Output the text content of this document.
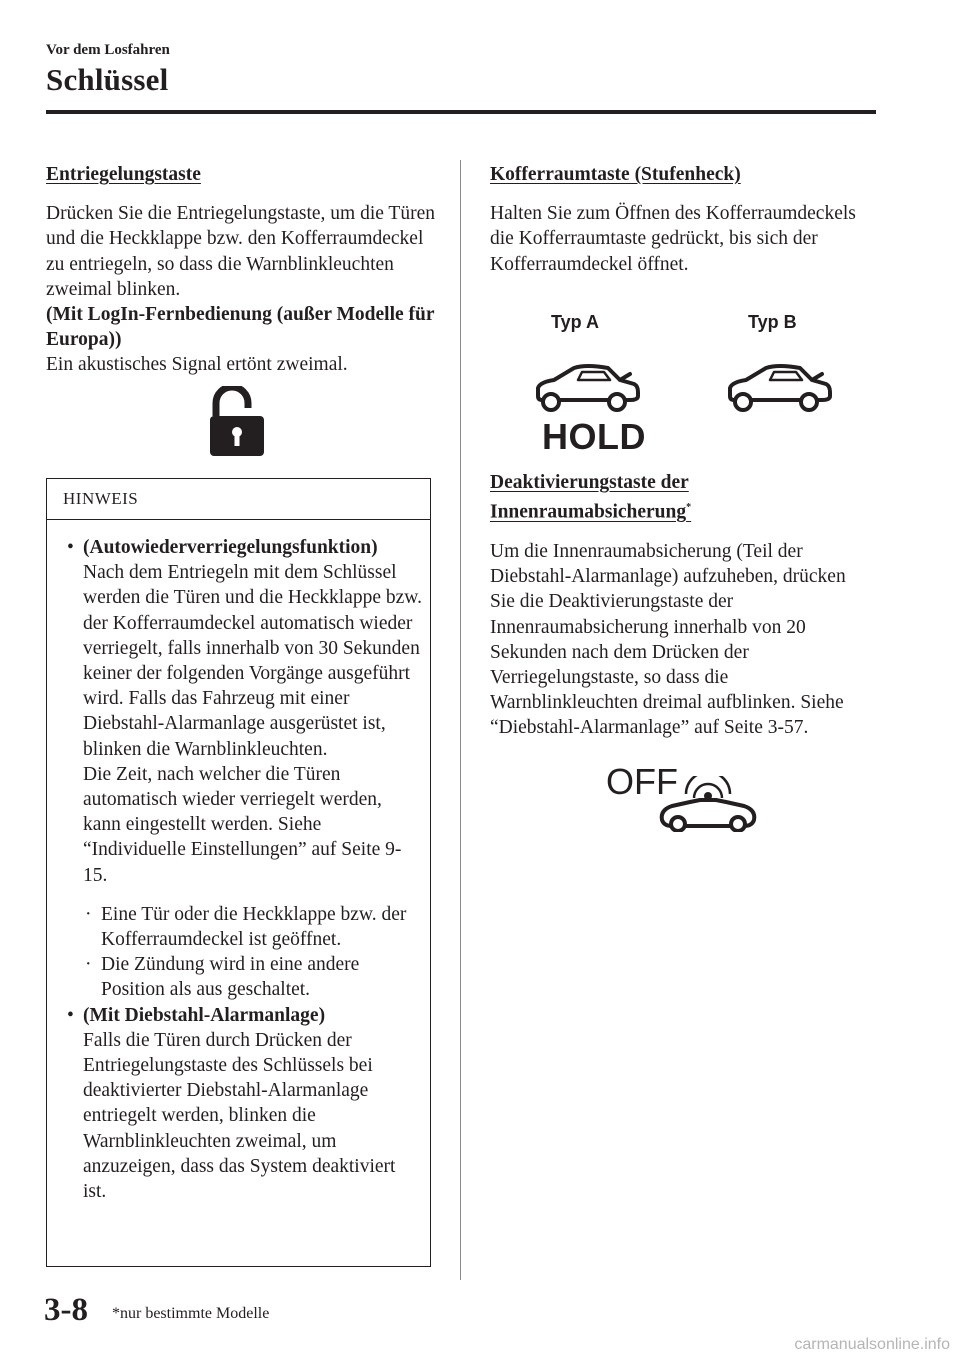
Vor dem Losfahren
Schlüssel

Entriegelungstaste

Drücken Sie die Entriegelungstaste, um die Türen und die Heckklappe bzw. den Kofferraumdeckel zu entriegeln, so dass die Warnblinkleuchten zweimal blinken.
(Mit LogIn-Fernbedienung (außer Modelle für Europa))
Ein akustisches Signal ertönt zweimal.

HINWEIS
• (Autowiederverriegelungsfunktion)
Nach dem Entriegeln mit dem Schlüssel werden die Türen und die Heckklappe bzw. der Kofferraumdeckel automatisch wieder verriegelt, falls innerhalb von 30 Sekunden keiner der folgenden Vorgänge ausgeführt wird. Falls das Fahrzeug mit einer Diebstahl-Alarmanlage ausgerüstet ist, blinken die Warnblinkleuchten.
Die Zeit, nach welcher die Türen automatisch wieder verriegelt werden, kann eingestellt werden. Siehe “Individuelle Einstellungen” auf Seite 9-15.
· Eine Tür oder die Heckklappe bzw. der Kofferraumdeckel ist geöffnet.
· Die Zündung wird in eine andere Position als aus geschaltet.
• (Mit Diebstahl-Alarmanlage)
Falls die Türen durch Drücken der Entriegelungstaste des Schlüssels bei deaktivierter Diebstahl-Alarmanlage entriegelt werden, blinken die Warnblinkleuchten zweimal, um anzuzeigen, dass das System deaktiviert ist.

Kofferraumtaste (Stufenheck)

Halten Sie zum Öffnen des Kofferraumdeckels die Kofferraumtaste gedrückt, bis sich der Kofferraumdeckel öffnet.

Typ A	Typ B
HOLD

Deaktivierungstaste der
Innenraumabsicherung*

Um die Innenraumabsicherung (Teil der Diebstahl-Alarmanlage) aufzuheben, drücken Sie die Deaktivierungstaste der Innenraumabsicherung innerhalb von 20 Sekunden nach dem Drücken der Verriegelungstaste, so dass die Warnblinkleuchten dreimal aufblinken. Siehe “Diebstahl-Alarmanlage” auf Seite 3-57.

OFF
3-8 *nur bestimmte Modelle
carmanualsonline.info
